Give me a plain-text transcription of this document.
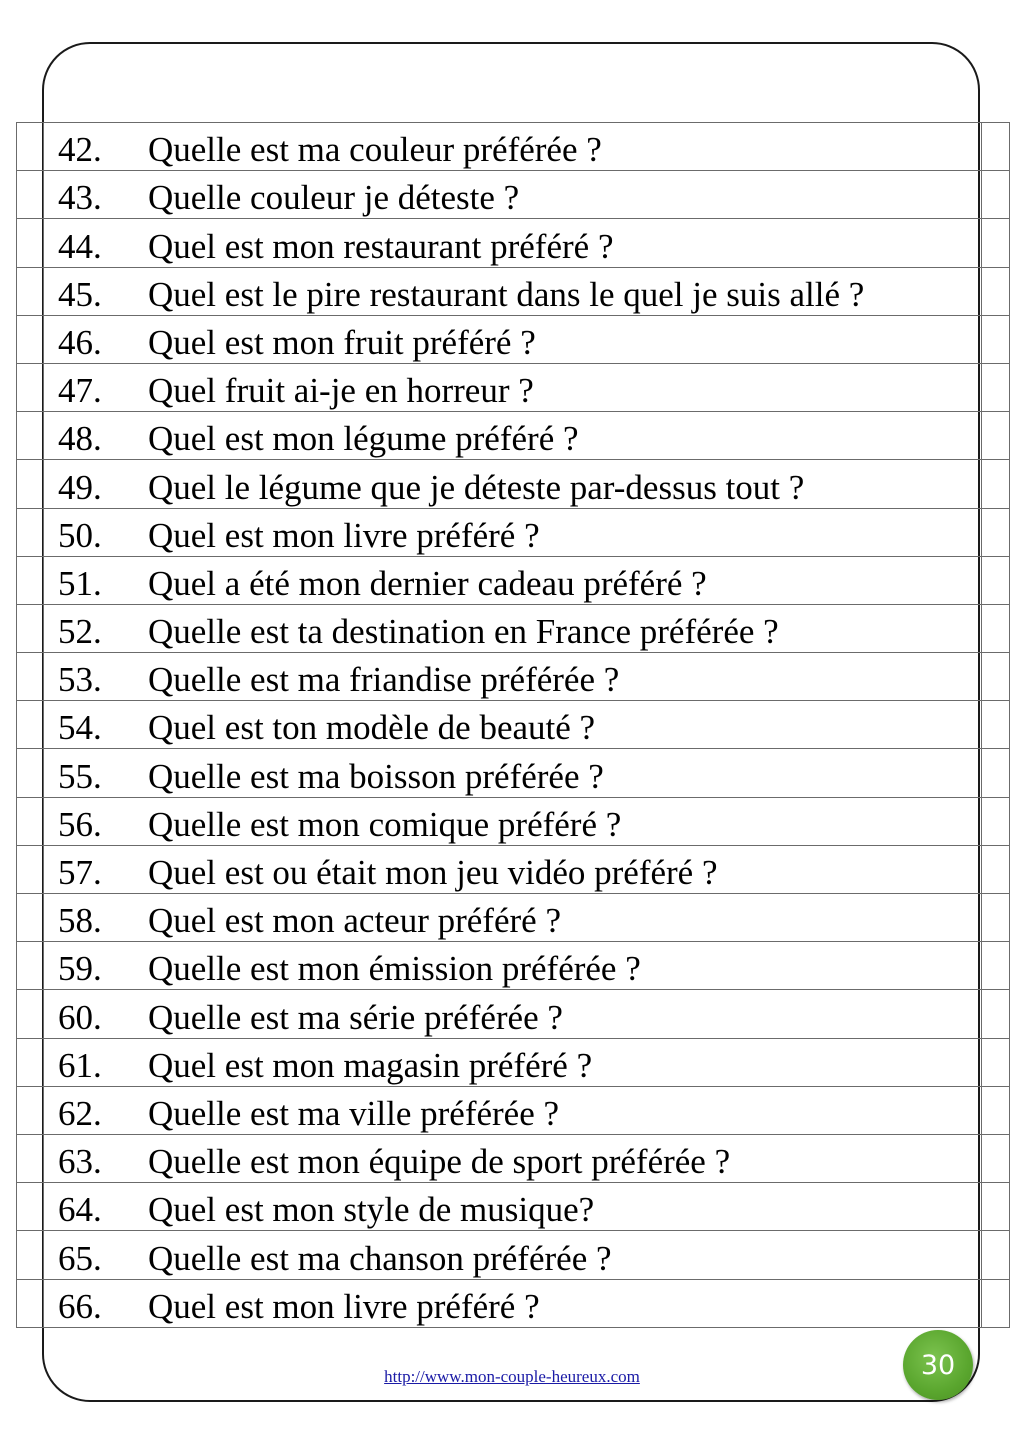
	42. Quelle est ma couleur préférée ?	
	43. Quelle couleur je déteste ?	
	44. Quel est mon restaurant préféré ?	
	45. Quel est le pire restaurant dans le quel je suis allé ?	
	46. Quel est mon fruit préféré ?	
	47. Quel fruit ai-je en horreur ?	
	48. Quel est mon légume préféré ?	
	49. Quel le légume que je déteste par-dessus tout ?	
	50. Quel est mon livre préféré ?	
	51. Quel a été mon dernier cadeau préféré ?	
	52. Quelle est ta destination en France préférée ?	
	53. Quelle est ma friandise préférée ?	
	54. Quel est ton modèle de beauté ?	
	55. Quelle est ma boisson préférée ?	
	56. Quelle est mon comique préféré ?	
	57. Quel est ou était mon jeu vidéo préféré ?	
	58. Quel est mon acteur préféré ?	
	59. Quelle est mon émission préférée ?	
	60. Quelle est ma série préférée ?	
	61. Quel est mon magasin préféré ?	
	62. Quelle est ma ville préférée ?	
	63. Quelle est mon équipe de sport préférée ?	
	64. Quel est mon style de musique?	
	65. Quelle est ma chanson préférée ?	
	66. Quel est mon livre préféré ?	
http://www.mon-couple-heureux.com	30
